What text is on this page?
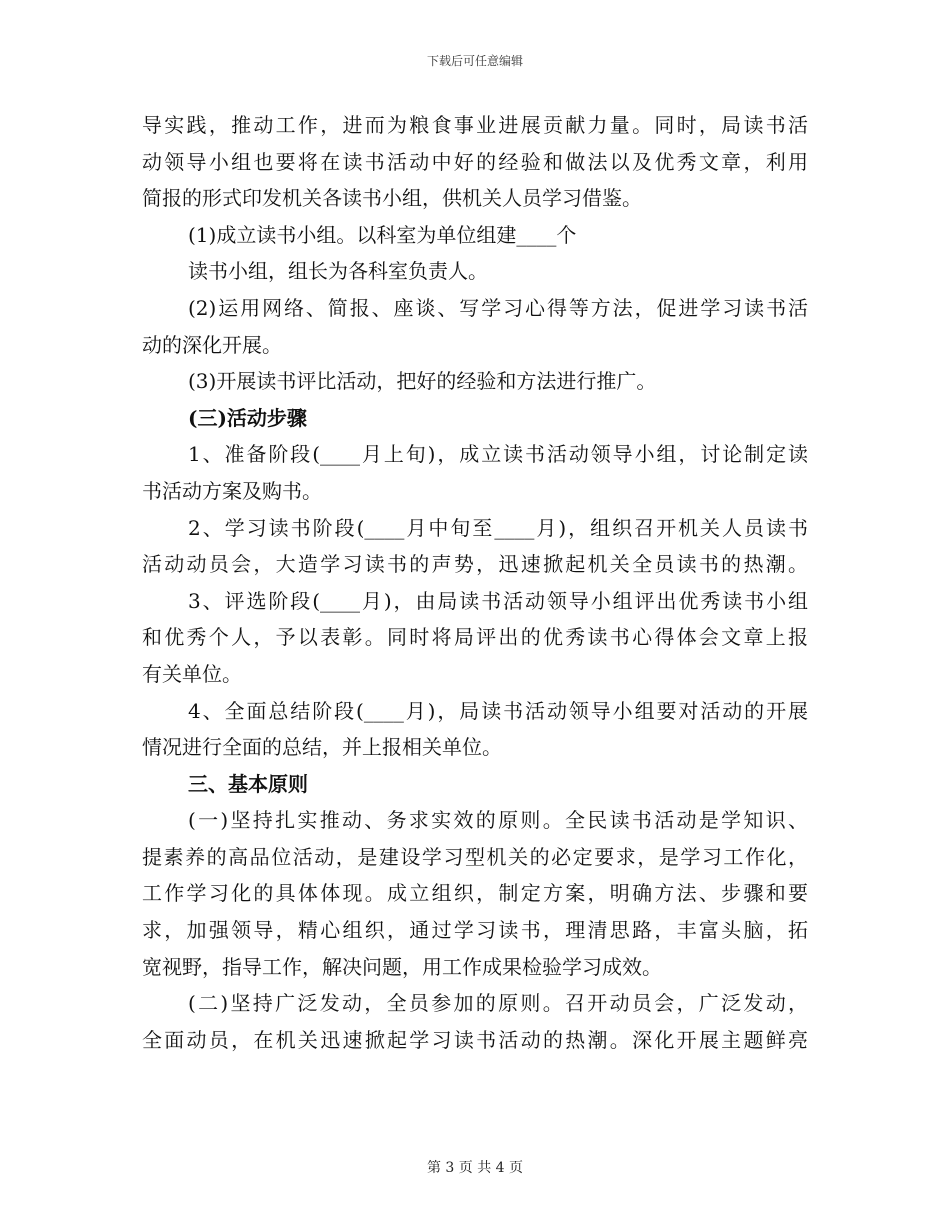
下载后可任意编辑
导实践，推动工作，进而为粮食事业进展贡献力量。同时，局读书活
动领导小组也要将在读书活动中好的经验和做法以及优秀文章，利用
简报的形式印发机关各读书小组，供机关人员学习借鉴。
(1)成立读书小组。以科室为单位组建____个
读书小组，组长为各科室负责人。
(2)运用网络、简报、座谈、写学习心得等方法，促进学习读书活
动的深化开展。
(3)开展读书评比活动，把好的经验和方法进行推广。
(三)活动步骤
1、准备阶段(____月上旬)，成立读书活动领导小组，讨论制定读
书活动方案及购书。
2、学习读书阶段(____月中旬至____月)，组织召开机关人员读书
活动动员会，大造学习读书的声势，迅速掀起机关全员读书的热潮。
3、评选阶段(____月)，由局读书活动领导小组评出优秀读书小组
和优秀个人，予以表彰。同时将局评出的优秀读书心得体会文章上报
有关单位。
4、全面总结阶段(____月)，局读书活动领导小组要对活动的开展
情况进行全面的总结，并上报相关单位。
三、基本原则
(一)坚持扎实推动、务求实效的原则。全民读书活动是学知识、
提素养的高品位活动，是建设学习型机关的必定要求，是学习工作化，
工作学习化的具体体现。成立组织，制定方案，明确方法、步骤和要
求，加强领导，精心组织，通过学习读书，理清思路，丰富头脑，拓
宽视野，指导工作，解决问题，用工作成果检验学习成效。
(二)坚持广泛发动，全员参加的原则。召开动员会，广泛发动，
全面动员，在机关迅速掀起学习读书活动的热潮。深化开展主题鲜亮
第 3 页 共 4 页
